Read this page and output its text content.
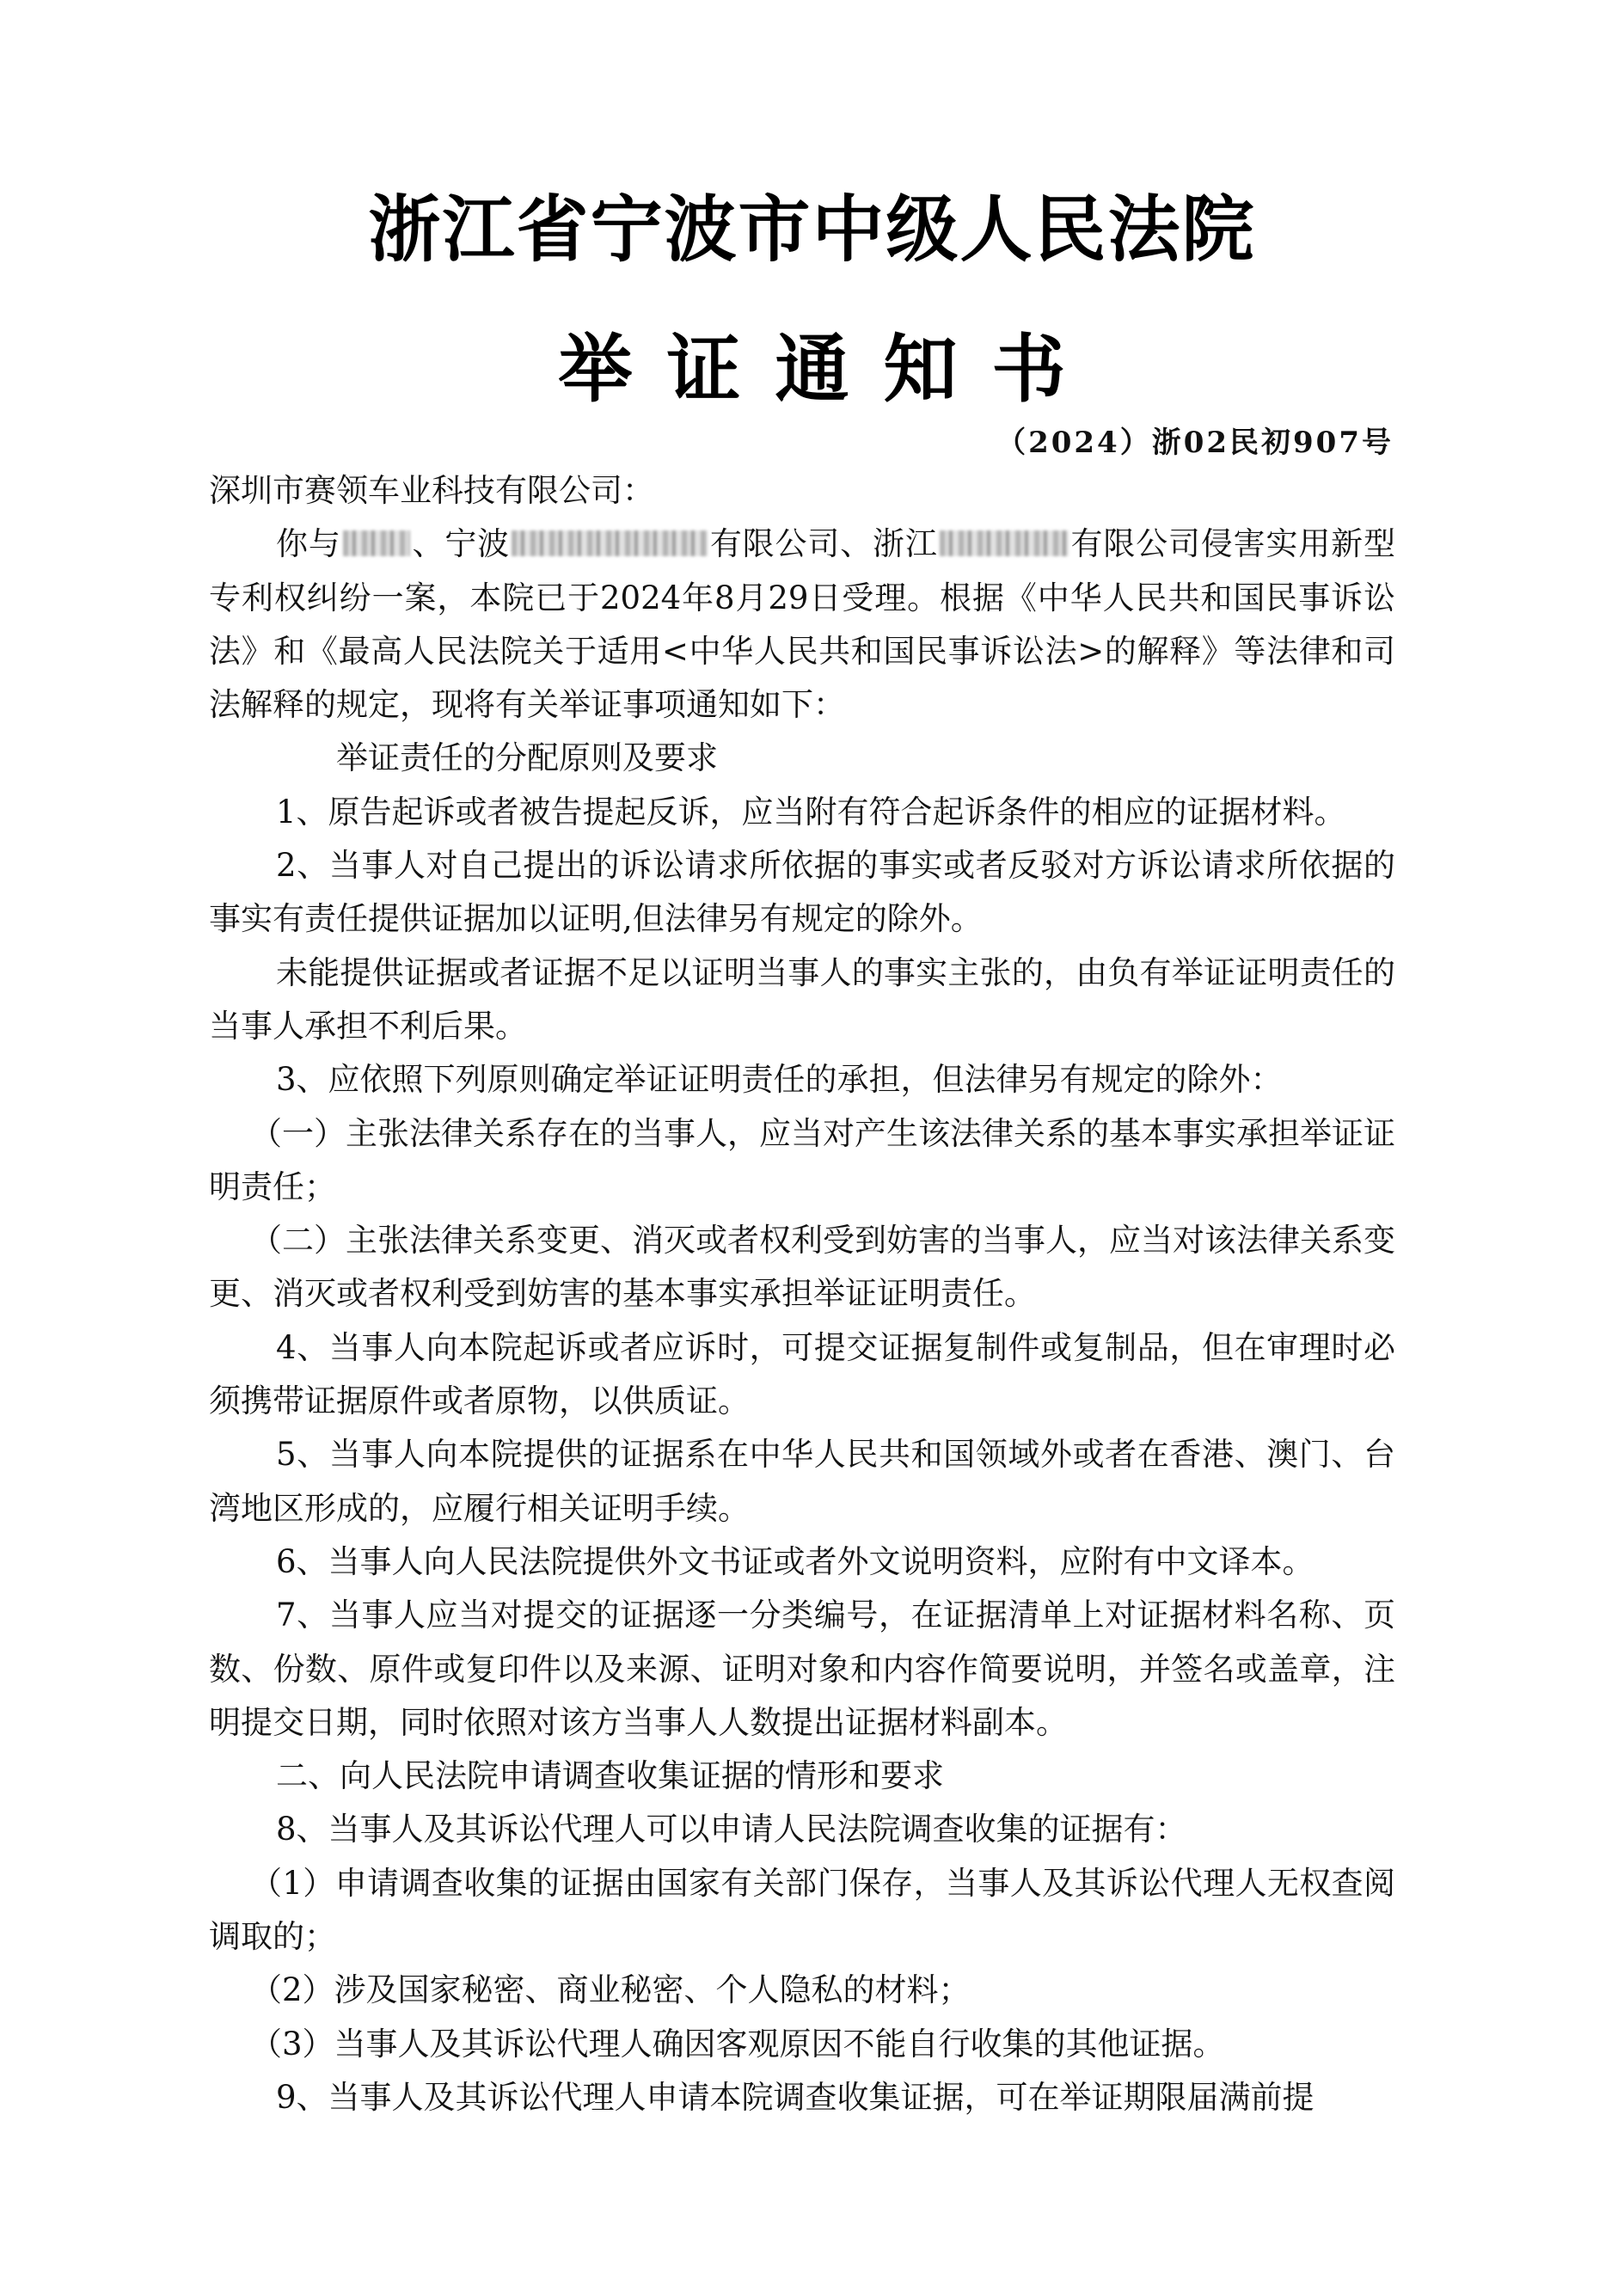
浙江省宁波市中级人民法院
举证通知书

（2024）浙02民初907号

深圳市赛领车业科技有限公司：

你与 、宁波	有限公司、浙江	有限公司侵害实用新型专利权纠纷一案，本院已于2024年8月29日受理。根据《中华人民共和国民事诉讼法》和《最高人民法院关于适用<中华人民共和国民事诉讼法>的解释》等法律和司法解释的规定，现将有关举证事项通知如下：

举证责任的分配原则及要求

1、原告起诉或者被告提起反诉，应当附有符合起诉条件的相应的证据材料。

2、当事人对自己提出的诉讼请求所依据的事实或者反驳对方诉讼请求所依据的事实有责任提供证据加以证明,但法律另有规定的除外。

未能提供证据或者证据不足以证明当事人的事实主张的，由负有举证证明责任的当事人承担不利后果。

3、应依照下列原则确定举证证明责任的承担，但法律另有规定的除外：

（一）主张法律关系存在的当事人，应当对产生该法律关系的基本事实承担举证证明责任；

（二）主张法律关系变更、消灭或者权利受到妨害的当事人，应当对该法律关系变更、消灭或者权利受到妨害的基本事实承担举证证明责任。

4、当事人向本院起诉或者应诉时，可提交证据复制件或复制品，但在审理时必须携带证据原件或者原物，以供质证。

5、当事人向本院提供的证据系在中华人民共和国领域外或者在香港、澳门、台湾地区形成的，应履行相关证明手续。

6、当事人向人民法院提供外文书证或者外文说明资料，应附有中文译本。

7、当事人应当对提交的证据逐一分类编号，在证据清单上对证据材料名称、页数、份数、原件或复印件以及来源、证明对象和内容作简要说明，并签名或盖章，注明提交日期，同时依照对该方当事人人数提出证据材料副本。

二、向人民法院申请调查收集证据的情形和要求

8、当事人及其诉讼代理人可以申请人民法院调查收集的证据有：

（1）申请调查收集的证据由国家有关部门保存，当事人及其诉讼代理人无权查阅调取的；

（2）涉及国家秘密、商业秘密、个人隐私的材料；

（3）当事人及其诉讼代理人确因客观原因不能自行收集的其他证据。

9、当事人及其诉讼代理人申请本院调查收集证据，可在举证期限届满前提
